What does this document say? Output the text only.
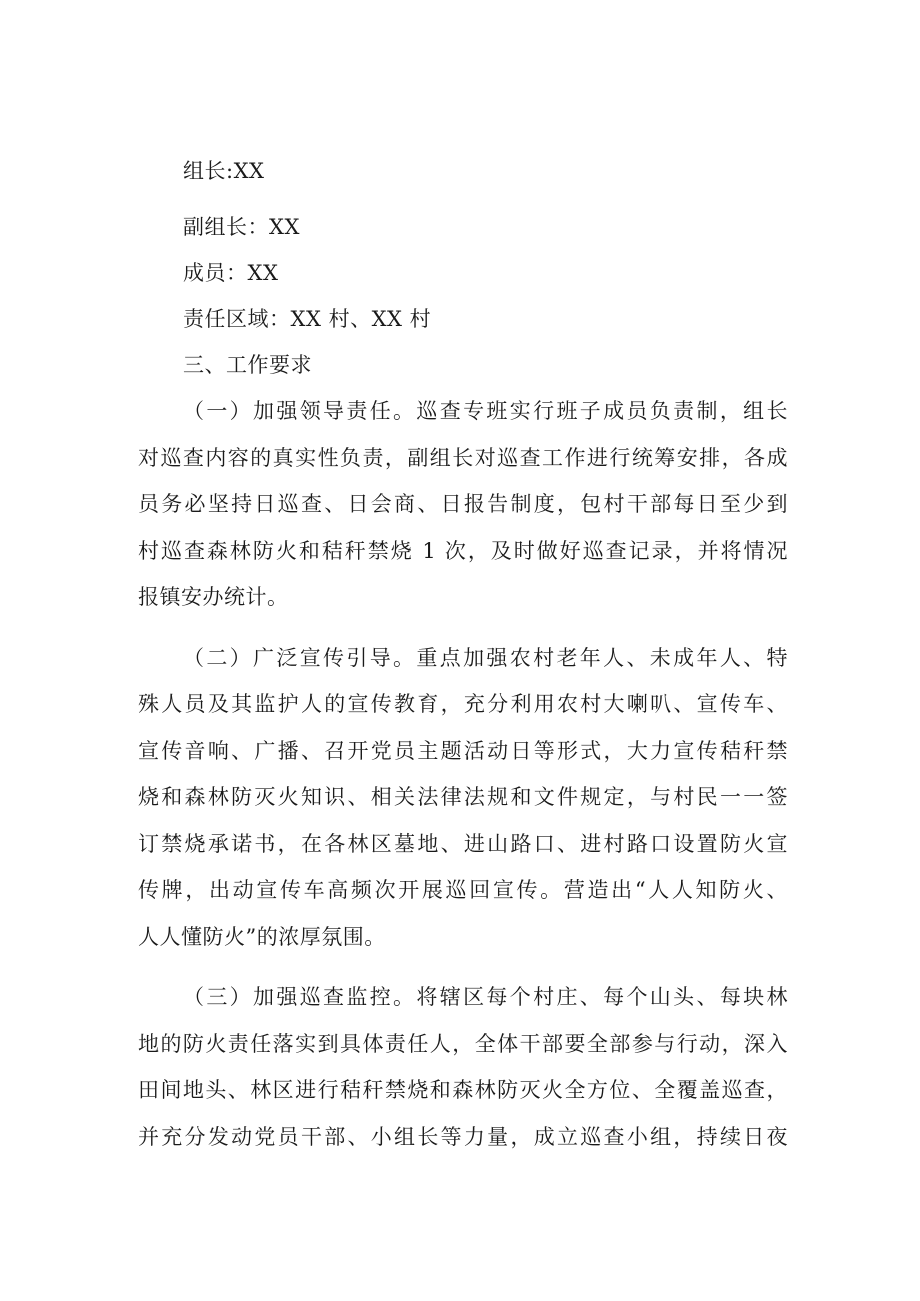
组长:XX
副组长：XX
成员：XX
责任区域：XX 村、XX 村
三、工作要求
（一）加强领导责任。巡查专班实行班子成员负责制，组长
对巡查内容的真实性负责，副组长对巡查工作进行统筹安排，各成
员务必坚持日巡查、日会商、日报告制度，包村干部每日至少到
村巡查森林防火和秸秆禁烧 1 次，及时做好巡查记录，并将情况
报镇安办统计。
（二）广泛宣传引导。重点加强农村老年人、未成年人、特
殊人员及其监护人的宣传教育，充分利用农村大喇叭、宣传车、
宣传音响、广播、召开党员主题活动日等形式，大力宣传秸秆禁
烧和森林防灭火知识、相关法律法规和文件规定，与村民一一签
订禁烧承诺书，在各林区墓地、进山路口、进村路口设置防火宣
传牌，出动宣传车高频次开展巡回宣传。营造出“人人知防火、
人人懂防火”的浓厚氛围。
（三）加强巡查监控。将辖区每个村庄、每个山头、每块林
地的防火责任落实到具体责任人，全体干部要全部参与行动，深入
田间地头、林区进行秸秆禁烧和森林防灭火全方位、全覆盖巡查，
并充分发动党员干部、小组长等力量，成立巡查小组，持续日夜
